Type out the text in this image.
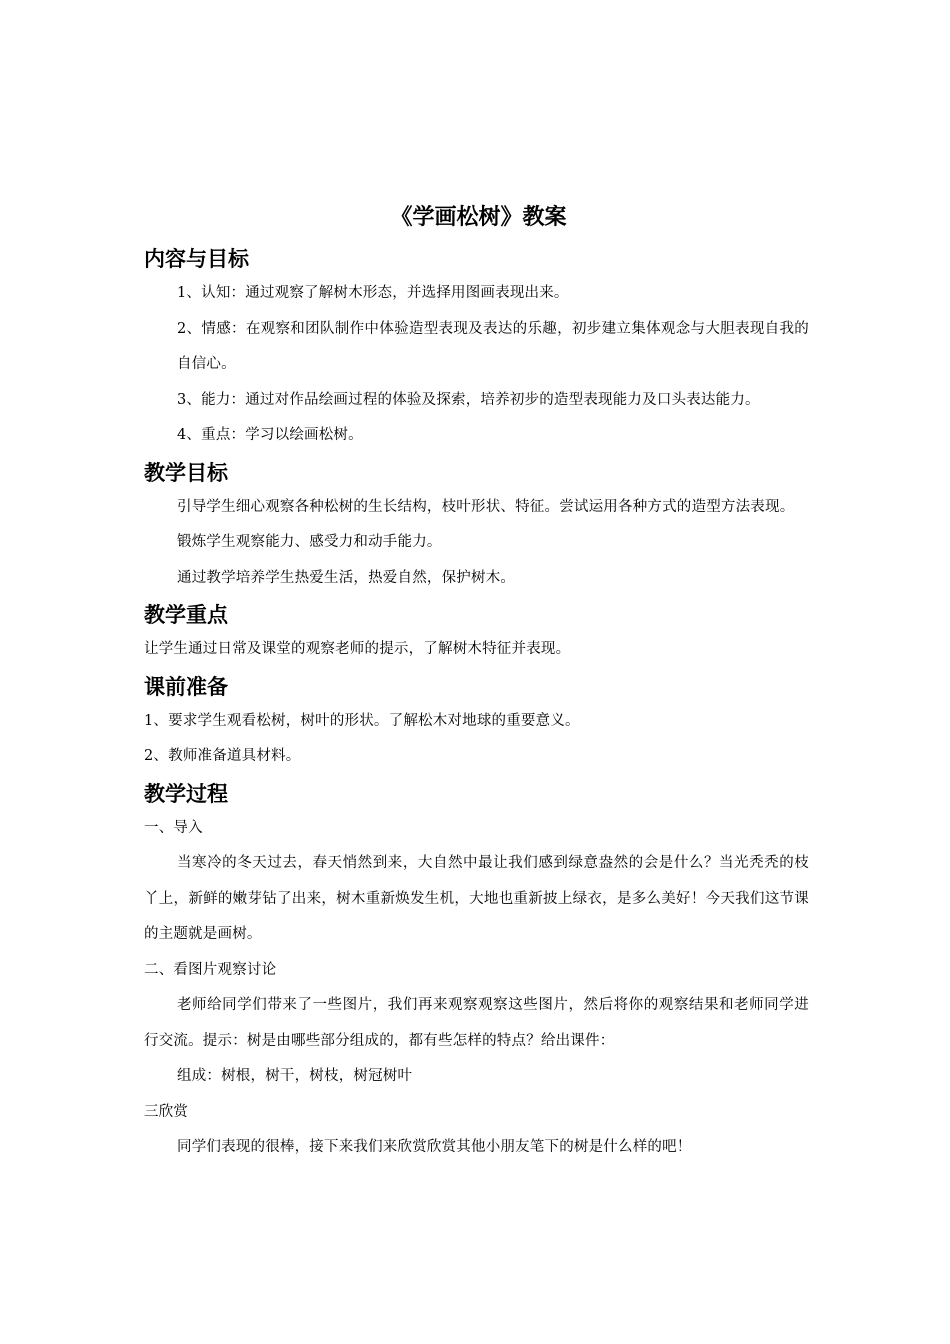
《学画松树》教案
内容与目标

1、认知：通过观察了解树木形态，并选择用图画表现出来。

2、情感：在观察和团队制作中体验造型表现及表达的乐趣，初步建立集体观念与大胆表现自我的自信心。

3、能力：通过对作品绘画过程的体验及探索，培养初步的造型表现能力及口头表达能力。

4、重点：学习以绘画松树。

教学目标

引导学生细心观察各种松树的生长结构，枝叶形状、特征。尝试运用各种方式的造型方法表现。

锻炼学生观察能力、感受力和动手能力。

通过教学培养学生热爱生活，热爱自然，保护树木。

教学重点

让学生通过日常及课堂的观察老师的提示，了解树木特征并表现。

课前准备

1、要求学生观看松树，树叶的形状。了解松木对地球的重要意义。

2、教师准备道具材料。

教学过程

一、导入

当寒冷的冬天过去，春天悄然到来，大自然中最让我们感到绿意盎然的会是什么？当光秃秃的枝丫上，新鲜的嫩芽钻了出来，树木重新焕发生机，大地也重新披上绿衣，是多么美好！今天我们这节课的主题就是画树。

二、看图片观察讨论

老师给同学们带来了一些图片，我们再来观察观察这些图片，然后将你的观察结果和老师同学进行交流。提示：树是由哪些部分组成的，都有些怎样的特点？给出课件：

组成：树根，树干，树枝，树冠树叶

三欣赏

同学们表现的很棒，接下来我们来欣赏欣赏其他小朋友笔下的树是什么样的吧！
